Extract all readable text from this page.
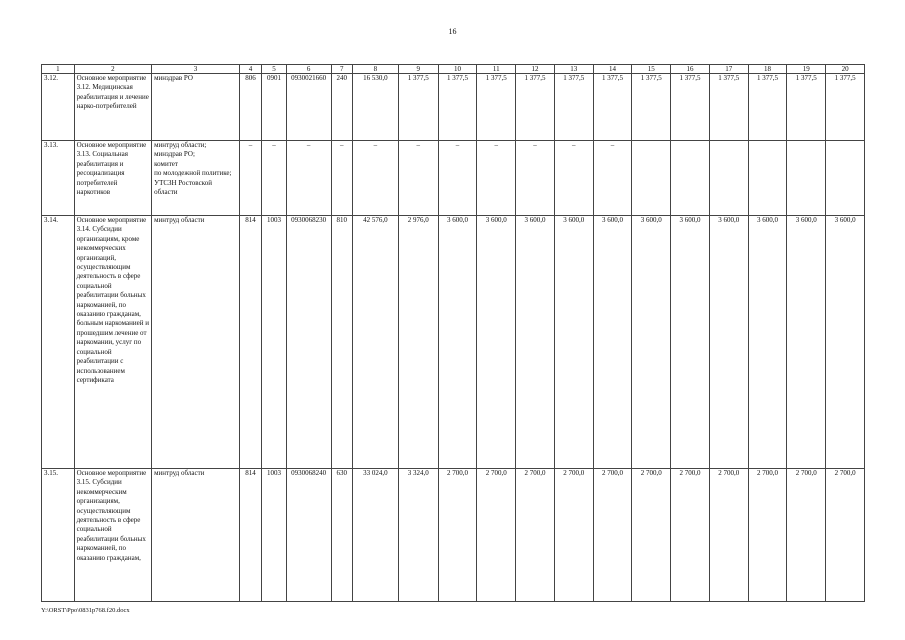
16
1	2	3	4	5	6	7	8	9	10	11	12	13	14	15	16	17	18	19	20
3.12.	Основное мероприятие 3.12. Медицинская реабилитация и лечение нарко-потребителей	минздрав РО	806	0901	0930021660	240	16 530,0	1 377,5	1 377,5	1 377,5	1 377,5	1 377,5	1 377,5	1 377,5	1 377,5	1 377,5	1 377,5	1 377,5	1 377,5
3.13.	Основное мероприятие 3.13. Социальная реабилитация и ресоциализация потребителей наркотиков	минтруд области;
минздрав РО;
комитет
по молодежной политике;
УТСЗН Ростовской области	–	–	–	–	–	–	–	–	–	–	–						
3.14.	Основное мероприятие 3.14. Субсидии организациям, кроме некоммерческих организаций, осуществляющим деятельность в сфере социальной реабилитации больных наркоманией, по оказанию гражданам, больным наркоманией и прошедшим лечение от наркомании, услуг по социальной реабилитации с использованием сертификата	минтруд области	814	1003	0930068230	810	42 576,0	2 976,0	3 600,0	3 600,0	3 600,0	3 600,0	3 600,0	3 600,0	3 600,0	3 600,0	3 600,0	3 600,0	3 600,0
3.15.	Основное мероприятие 3.15. Субсидии некоммерческим организациям, осуществляющим деятельность в сфере социальной реабилитации больных наркоманией, по оказанию гражданам,	минтруд области	814	1003	0930068240	630	33 024,0	3 324,0	2 700,0	2 700,0	2 700,0	2 700,0	2 700,0	2 700,0	2 700,0	2 700,0	2 700,0	2 700,0	2 700,0
Y:\ORST\Ppo\0831p768.f20.docx
